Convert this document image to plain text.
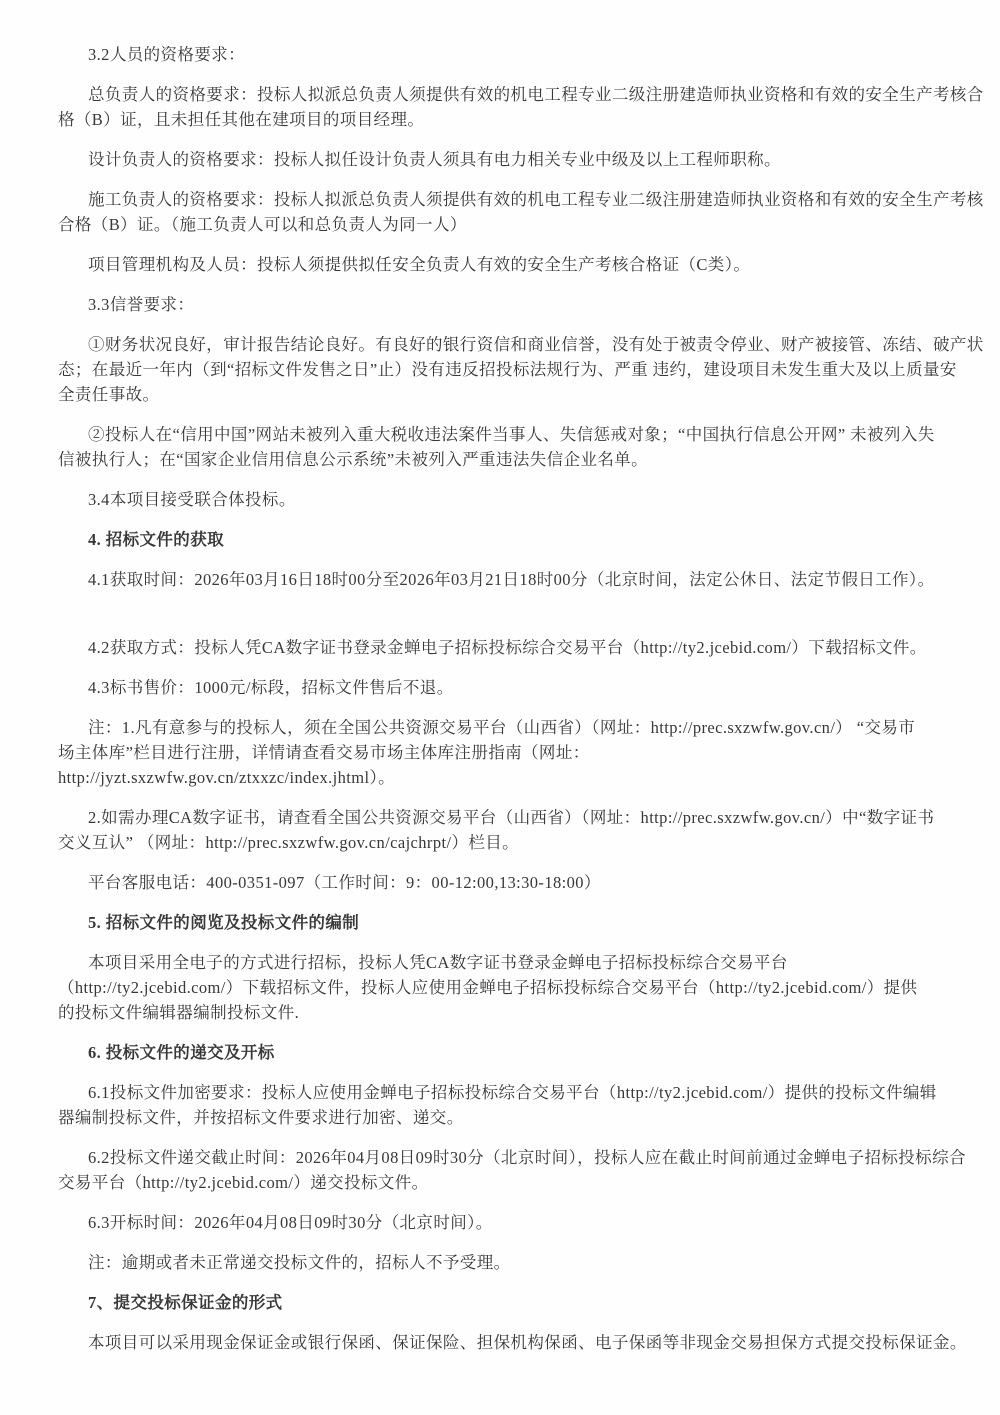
3.2人员的资格要求：
总负责人的资格要求：投标人拟派总负责人须提供有效的机电工程专业二级注册建造师执业资格和有效的安全生产考核合
格（B）证，且未担任其他在建项目的项目经理。
设计负责人的资格要求：投标人拟任设计负责人须具有电力相关专业中级及以上工程师职称。
施工负责人的资格要求：投标人拟派总负责人须提供有效的机电工程专业二级注册建造师执业资格和有效的安全生产考核
合格（B）证。（施工负责人可以和总负责人为同一人）
项目管理机构及人员：投标人须提供拟任安全负责人有效的安全生产考核合格证（C类）。
3.3信誉要求：
①财务状况良好，审计报告结论良好。有良好的银行资信和商业信誉，没有处于被责令停业、财产被接管、冻结、破产状
态；在最近一年内（到“招标文件发售之日”止）没有违反招投标法规行为、严重 违约，建设项目未发生重大及以上质量安
全责任事故。
②投标人在“信用中国”网站未被列入重大税收违法案件当事人、失信惩戒对象；“中国执行信息公开网” 未被列入失
信被执行人；在“国家企业信用信息公示系统”未被列入严重违法失信企业名单。
3.4本项目接受联合体投标。
4. 招标文件的获取
4.1获取时间：2026年03月16日18时00分至2026年03月21日18时00分（北京时间，法定公休日、法定节假日工作）。
4.2获取方式：投标人凭CA数字证书登录金蝉电子招标投标综合交易平台（http://ty2.jcebid.com/）下载招标文件。
4.3标书售价：1000元/标段，招标文件售后不退。
注：1.凡有意参与的投标人，须在全国公共资源交易平台（山西省）（网址：http://prec.sxzwfw.gov.cn/） “交易市
场主体库”栏目进行注册，详情请查看交易市场主体库注册指南（网址：
http://jyzt.sxzwfw.gov.cn/ztxxzc/index.jhtml）。
2.如需办理CA数字证书，请查看全国公共资源交易平台（山西省）（网址：http://prec.sxzwfw.gov.cn/）中“数字证书
交义互认” （网址：http://prec.sxzwfw.gov.cn/cajchrpt/）栏目。
平台客服电话：400-0351-097（工作时间：9：00-12:00,13:30-18:00）
5. 招标文件的阅览及投标文件的编制
本项目采用全电子的方式进行招标，投标人凭CA数字证书登录金蝉电子招标投标综合交易平台
（http://ty2.jcebid.com/）下载招标文件，投标人应使用金蝉电子招标投标综合交易平台（http://ty2.jcebid.com/）提供
的投标文件编辑器编制投标文件.
6. 投标文件的递交及开标
6.1投标文件加密要求：投标人应使用金蝉电子招标投标综合交易平台（http://ty2.jcebid.com/）提供的投标文件编辑
器编制投标文件，并按招标文件要求进行加密、递交。
6.2投标文件递交截止时间：2026年04月08日09时30分（北京时间），投标人应在截止时间前通过金蝉电子招标投标综合
交易平台（http://ty2.jcebid.com/）递交投标文件。
6.3开标时间：2026年04月08日09时30分（北京时间）。
注：逾期或者未正常递交投标文件的，招标人不予受理。
7、提交投标保证金的形式
本项目可以采用现金保证金或银行保函、保证保险、担保机构保函、电子保函等非现金交易担保方式提交投标保证金。
